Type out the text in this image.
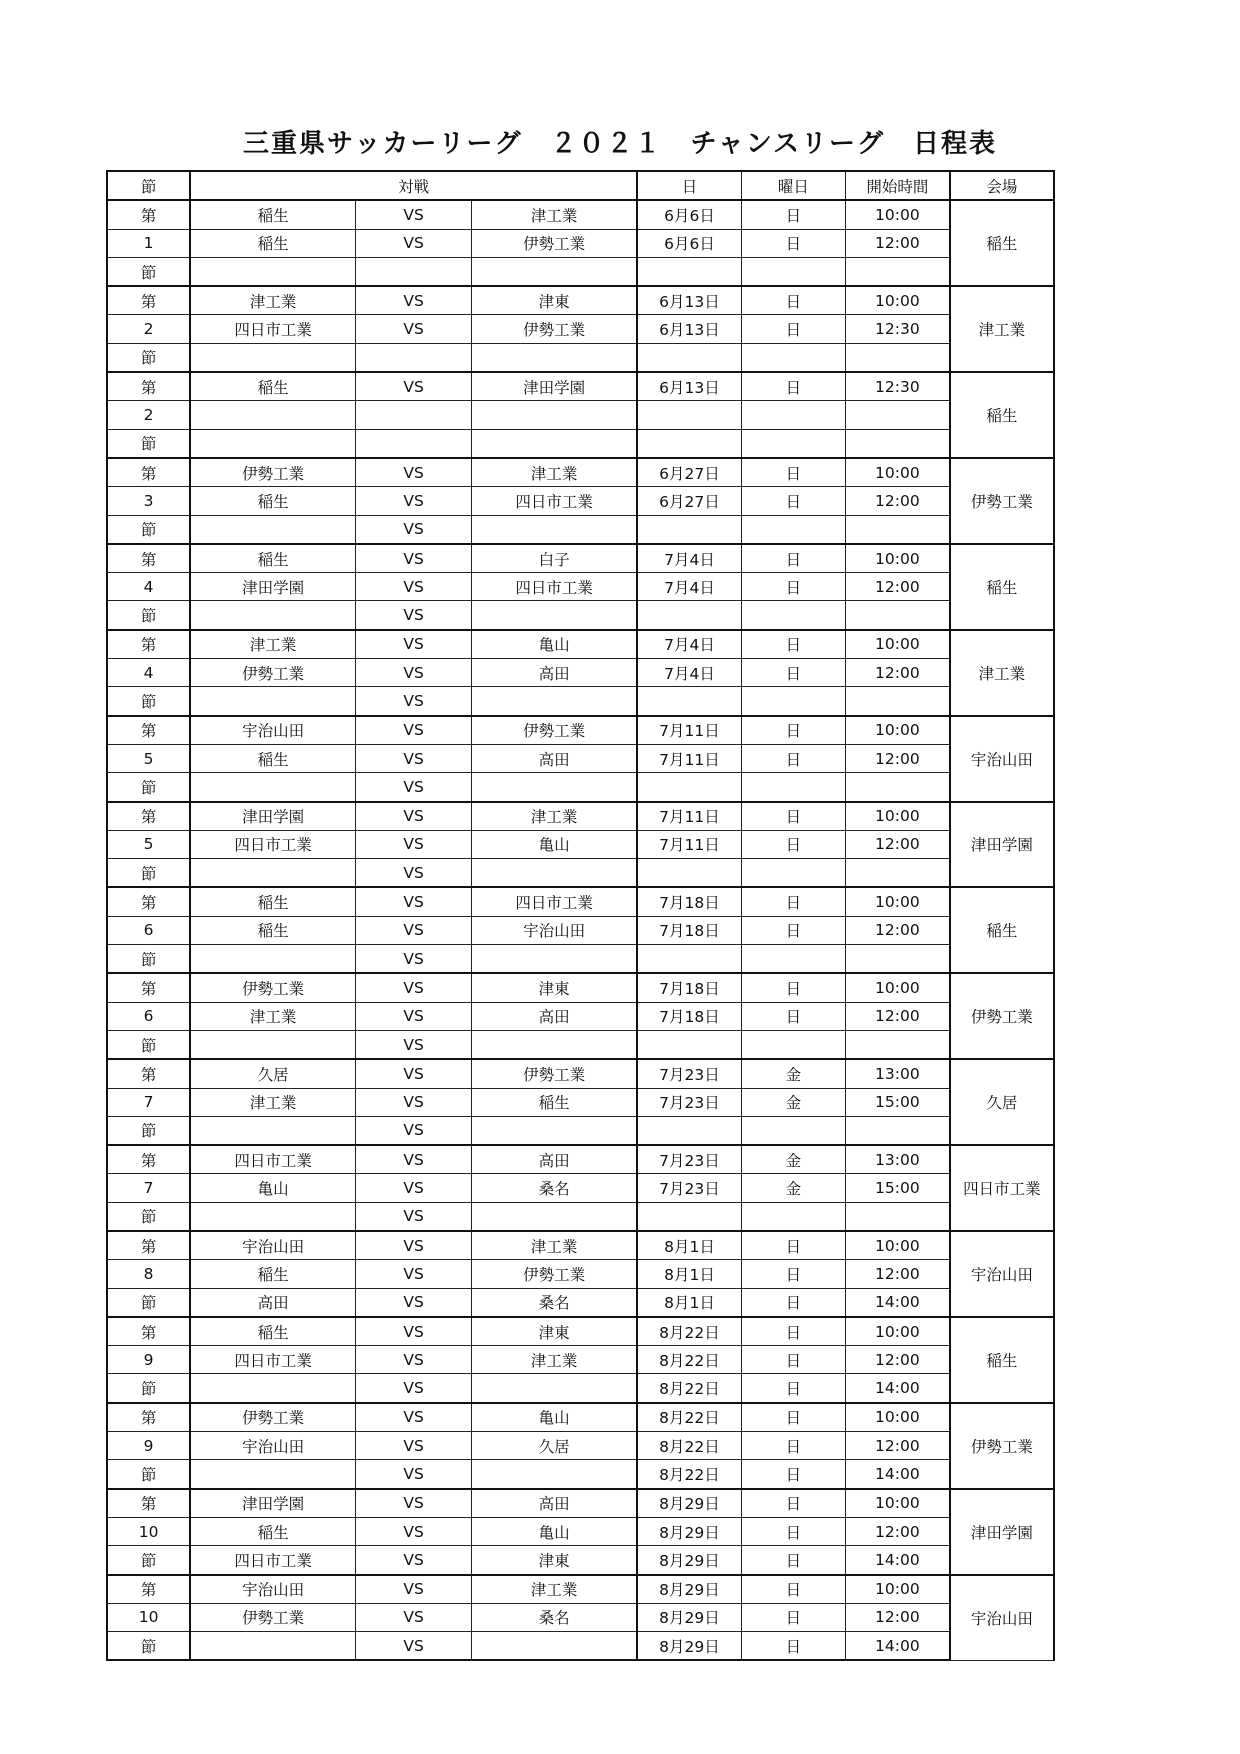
三重県サッカーリーグ　２０２１　チャンスリーグ　日程表
節	対戦			日	曜日	開始時間	会場
第	稲生	VS	津工業	6月6日	日	10:00	稲生
1	稲生	VS	伊勢工業	6月6日	日	12:00	
節							
第	津工業	VS	津東	6月13日	日	10:00	津工業
2	四日市工業	VS	伊勢工業	6月13日	日	12:30	
節							
第	稲生	VS	津田学園	6月13日	日	12:30	稲生
2							
節							
第	伊勢工業	VS	津工業	6月27日	日	10:00	伊勢工業
3	稲生	VS	四日市工業	6月27日	日	12:00	
節		VS					
第	稲生	VS	白子	7月4日	日	10:00	稲生
4	津田学園	VS	四日市工業	7月4日	日	12:00	
節		VS					
第	津工業	VS	亀山	7月4日	日	10:00	津工業
4	伊勢工業	VS	高田	7月4日	日	12:00	
節		VS					
第	宇治山田	VS	伊勢工業	7月11日	日	10:00	宇治山田
5	稲生	VS	高田	7月11日	日	12:00	
節		VS					
第	津田学園	VS	津工業	7月11日	日	10:00	津田学園
5	四日市工業	VS	亀山	7月11日	日	12:00	
節		VS					
第	稲生	VS	四日市工業	7月18日	日	10:00	稲生
6	稲生	VS	宇治山田	7月18日	日	12:00	
節		VS					
第	伊勢工業	VS	津東	7月18日	日	10:00	伊勢工業
6	津工業	VS	高田	7月18日	日	12:00	
節		VS					
第	久居	VS	伊勢工業	7月23日	金	13:00	久居
7	津工業	VS	稲生	7月23日	金	15:00	
節		VS					
第	四日市工業	VS	高田	7月23日	金	13:00	四日市工業
7	亀山	VS	桑名	7月23日	金	15:00	
節		VS					
第	宇治山田	VS	津工業	8月1日	日	10:00	宇治山田
8	稲生	VS	伊勢工業	8月1日	日	12:00	
節	高田	VS	桑名	8月1日	日	14:00	
第	稲生	VS	津東	8月22日	日	10:00	稲生
9	四日市工業	VS	津工業	8月22日	日	12:00	
節		VS		8月22日	日	14:00	
第	伊勢工業	VS	亀山	8月22日	日	10:00	伊勢工業
9	宇治山田	VS	久居	8月22日	日	12:00	
節		VS		8月22日	日	14:00	
第	津田学園	VS	高田	8月29日	日	10:00	津田学園
10	稲生	VS	亀山	8月29日	日	12:00	
節	四日市工業	VS	津東	8月29日	日	14:00	
第	宇治山田	VS	津工業	8月29日	日	10:00	宇治山田
10	伊勢工業	VS	桑名	8月29日	日	12:00	
節		VS		8月29日	日	14:00	
